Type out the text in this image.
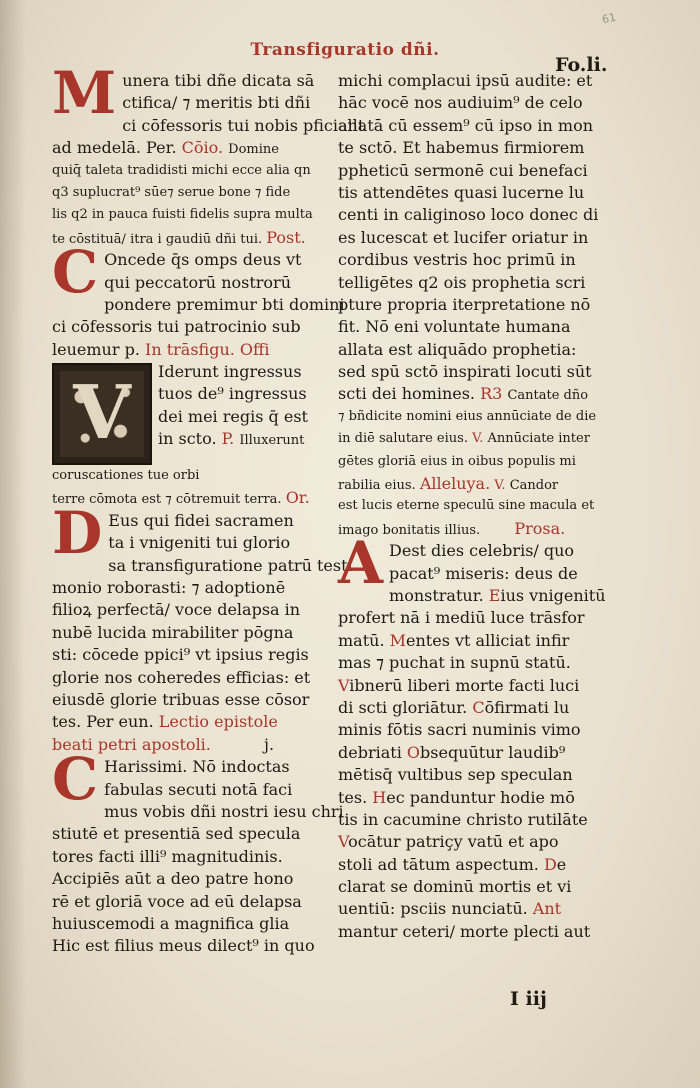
61
Transfiguratio dñi.
Fo.li.
M unera tibi dñe dicata sā
ctifica/ ⁊ meritis bti dñi
ci cōfessoris tui nobis pficiant
ad medelā. Per. Cōio. Domine
quiq̄ taleta tradidisti michi ecce alia qn
q3 suplucrat⁹ sūe⁊ serue bone ⁊ fide
lis q2 in pauca fuisti fidelis supra multa
te cōstituā/ itra i gaudiū dñi tui. Post.
C Oncede q̄s omps deus vt
qui peccatorū nostrorū
pondere premimur bti domini
ci cōfessoris tui patrocinio sub
leuemur p. In trāsfigu. Offi
V	Iderunt ingressus
tuos de⁹ ingressus
dei mei regis q̄ est
in scto. P. Illuxerunt
coruscationes tue orbi
terre cōmota est ⁊ cōtremuit terra. Or.
D Eus qui fidei sacramen
ta i vnigeniti tui glorio
sa transfiguratione patrū testi
monio roborasti: ⁊ adoptionē
filioꝝ perfectā/ voce delapsa in
nubē lucida mirabiliter pōgna
sti: cōcede ppici⁹ vt ipsius regis
glorie nos coheredes efficias: et
eiusdē glorie tribuas esse cōsor
tes. Per eun. Lectio epistole
beati petri apostoli.	j.
C Harissimi. Nō indoctas
fabulas secuti notā faci
mus vobis dñi nostri iesu chri
stiutē et presentiā sed specula
tores facti illi⁹ magnitudinis.
Accipiēs aūt a deo patre hono
rē et gloriā voce ad eū delapsa
huiuscemodi a magnifica glia
Hic est filius meus dilect⁹ in quo
michi complacui ipsū audite: et
hāc vocē nos audiuim⁹ de celo
allatā cū essem⁹ cū ipso in mon
te sctō. Et habemus firmiorem
ppheticū sermonē cui benefaci
tis attendētes quasi lucerne lu
centi in caliginoso loco donec di
es lucescat et lucifer oriatur in
cordibus vestris hoc primū in
telligētes q2 ois prophetia scri
pture propria iterpretatione nō
fit. Nō eni voluntate humana
allata est aliquādo prophetia:
sed spū sctō inspirati locuti sūt
scti dei homines. R3 Cantate dño
⁊ bñdicite nomini eius annūciate de die
in diē salutare eius. V. Annūciate inter
gētes gloriā eius in oibus populis mi
rabilia eius. Alleluya. V. Candor
est lucis eterne speculū sine macula et
imago bonitatis illius. Prosa.
A Dest dies celebris/ quo
pacat⁹ miseris: deus de
monstratur. Eius vnigenitū
profert nā i mediū luce trāsfor
matū. Mentes vt alliciat infir
mas ⁊ puchat in supnū statū.
Vibnerū liberi morte facti luci
di scti gloriātur. Cōfirmati lu
minis fōtis sacri numinis vimo
debriati Obsequūtur laudib⁹
mētisq̄ vultibus sep speculan
tes. Hec panduntur hodie mō
tis in cacumine christo rutilāte
Vocātur patriçy vatū et apo
stoli ad tātum aspectum. De
clarat se dominū mortis et vi
uentiū: psciis nunciatū. Ant
mantur ceteri/ morte plecti aut
I iij
